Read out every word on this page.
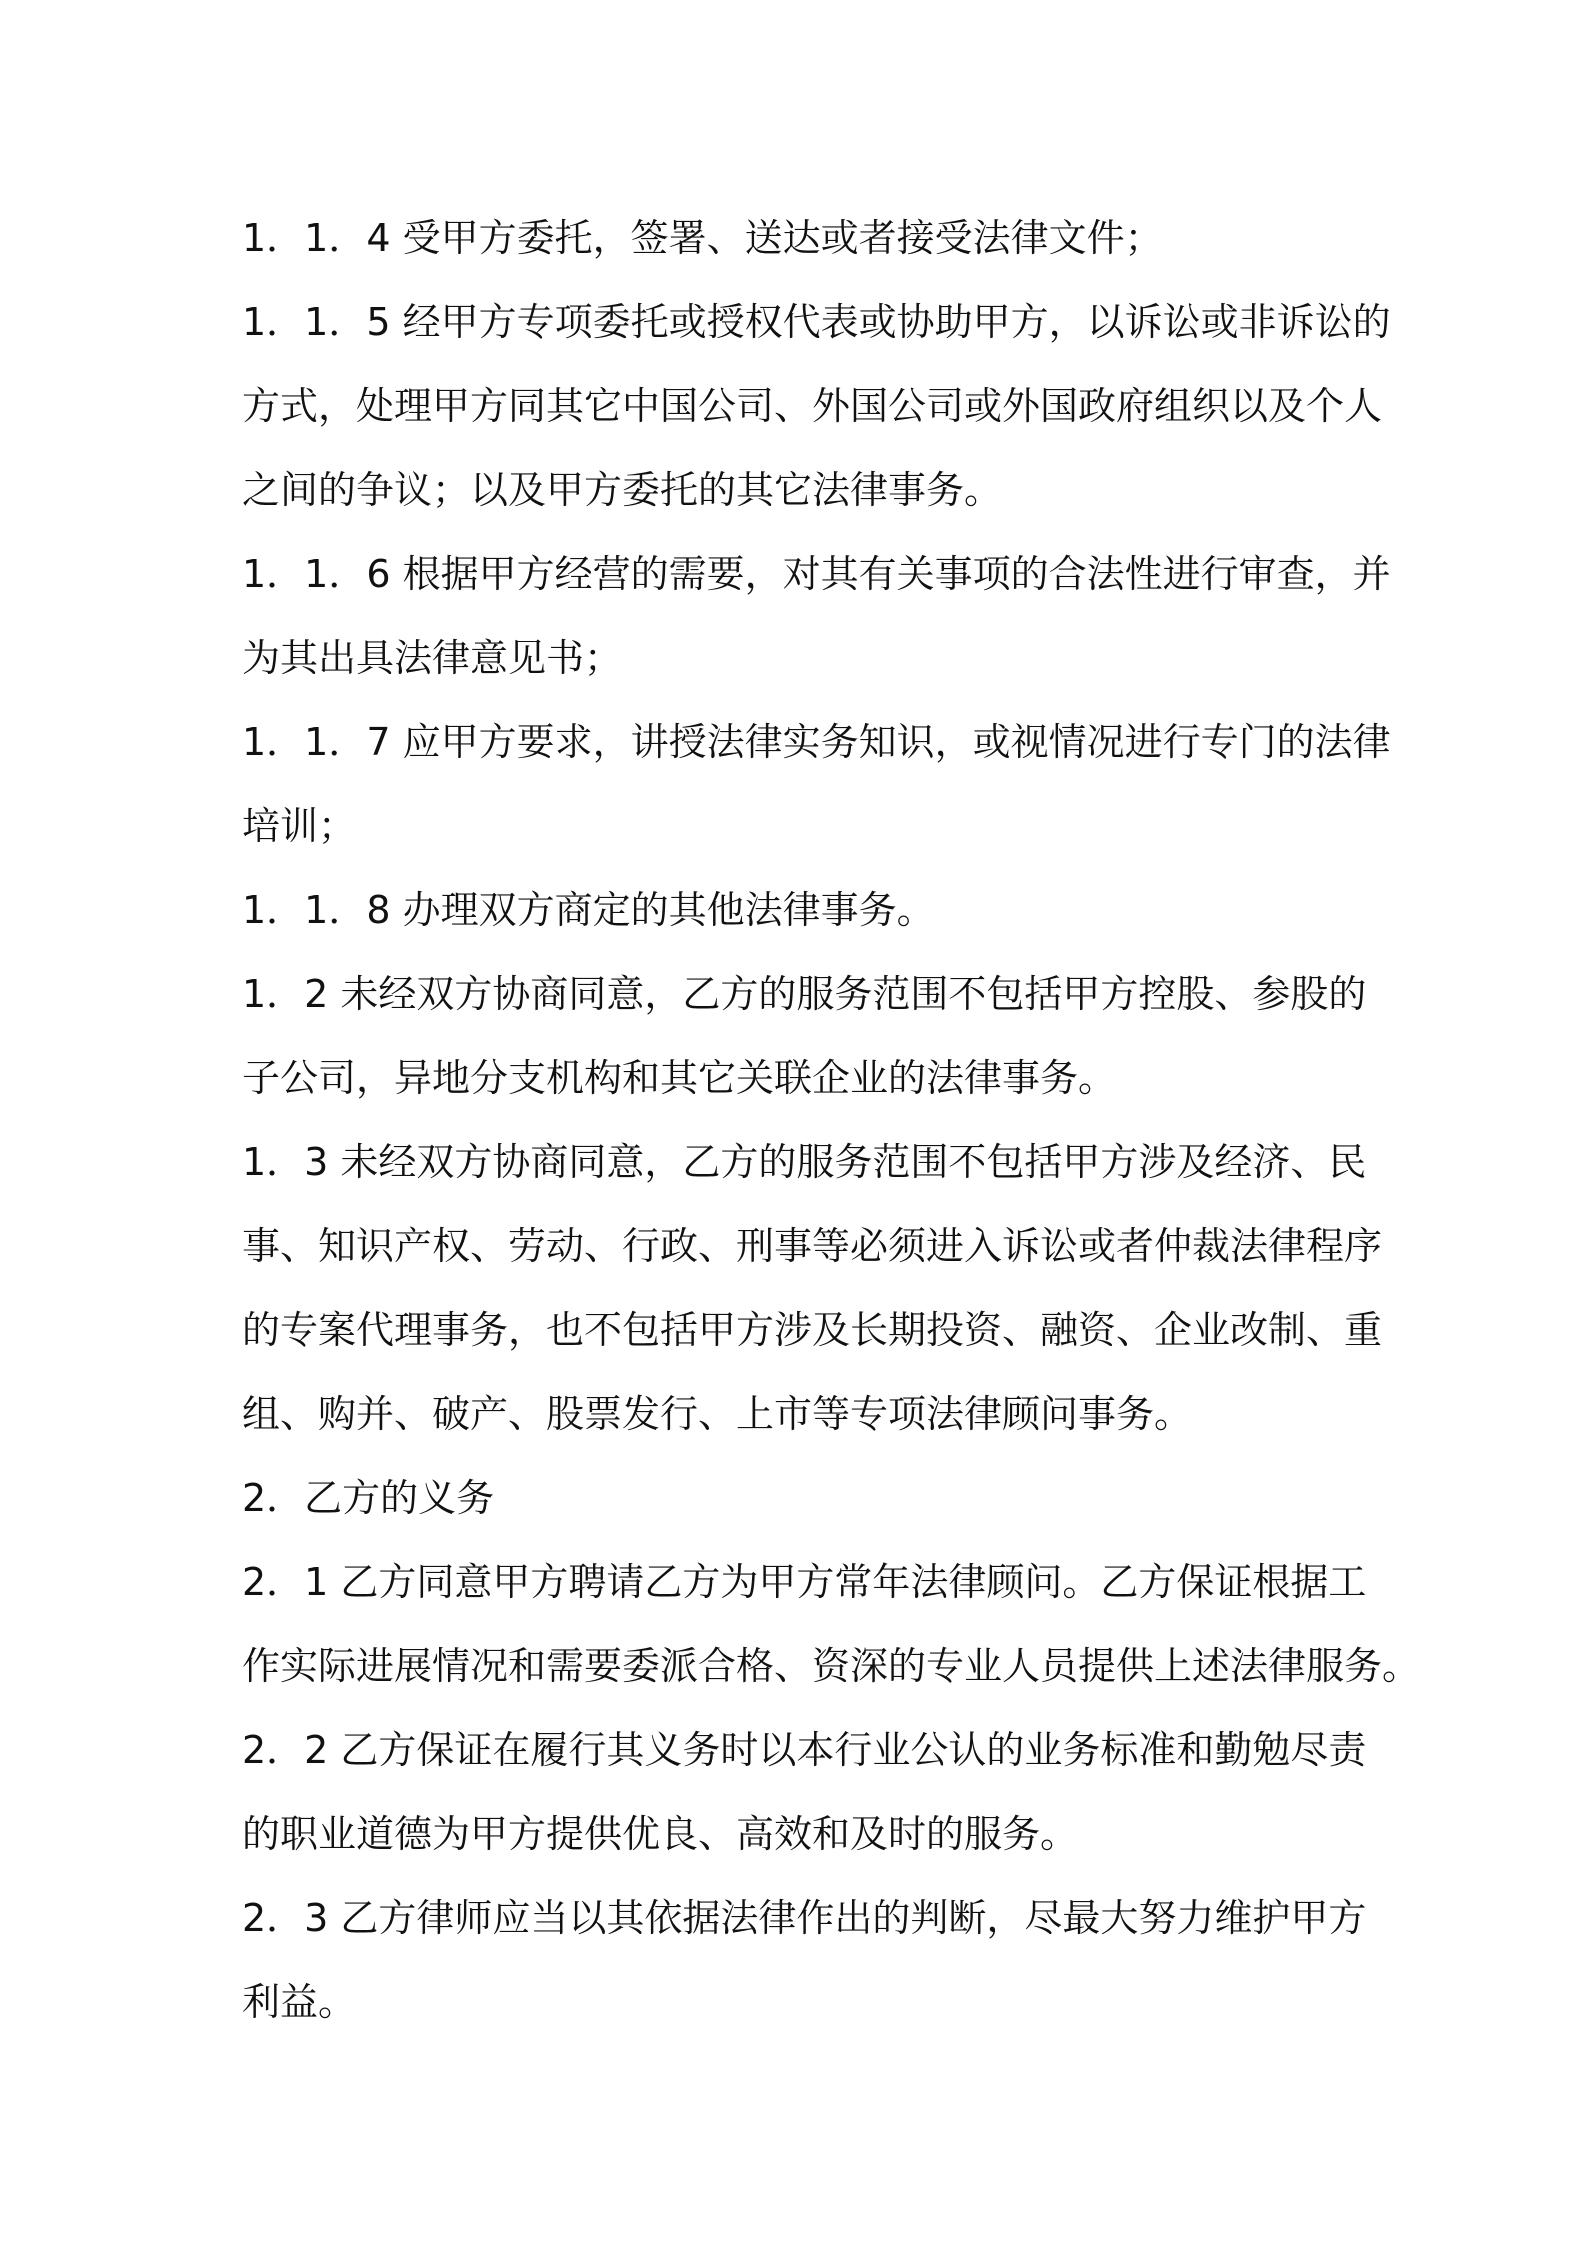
1．1．4 受甲方委托，签署、送达或者接受法律文件；
1．1．5 经甲方专项委托或授权代表或协助甲方，以诉讼或非诉讼的
方式，处理甲方同其它中国公司、外国公司或外国政府组织以及个人
之间的争议；以及甲方委托的其它法律事务。
1．1．6 根据甲方经营的需要，对其有关事项的合法性进行审查，并
为其出具法律意见书；
1．1．7 应甲方要求，讲授法律实务知识，或视情况进行专门的法律
培训；
1．1．8 办理双方商定的其他法律事务。
1．2 未经双方协商同意，乙方的服务范围不包括甲方控股、参股的
子公司，异地分支机构和其它关联企业的法律事务。
1．3 未经双方协商同意，乙方的服务范围不包括甲方涉及经济、民
事、知识产权、劳动、行政、刑事等必须进入诉讼或者仲裁法律程序
的专案代理事务，也不包括甲方涉及长期投资、融资、企业改制、重
组、购并、破产、股票发行、上市等专项法律顾问事务。
2．乙方的义务
2．1 乙方同意甲方聘请乙方为甲方常年法律顾问。乙方保证根据工
作实际进展情况和需要委派合格、资深的专业人员提供上述法律服务。
2．2 乙方保证在履行其义务时以本行业公认的业务标准和勤勉尽责
的职业道德为甲方提供优良、高效和及时的服务。
2．3 乙方律师应当以其依据法律作出的判断，尽最大努力维护甲方
利益。
